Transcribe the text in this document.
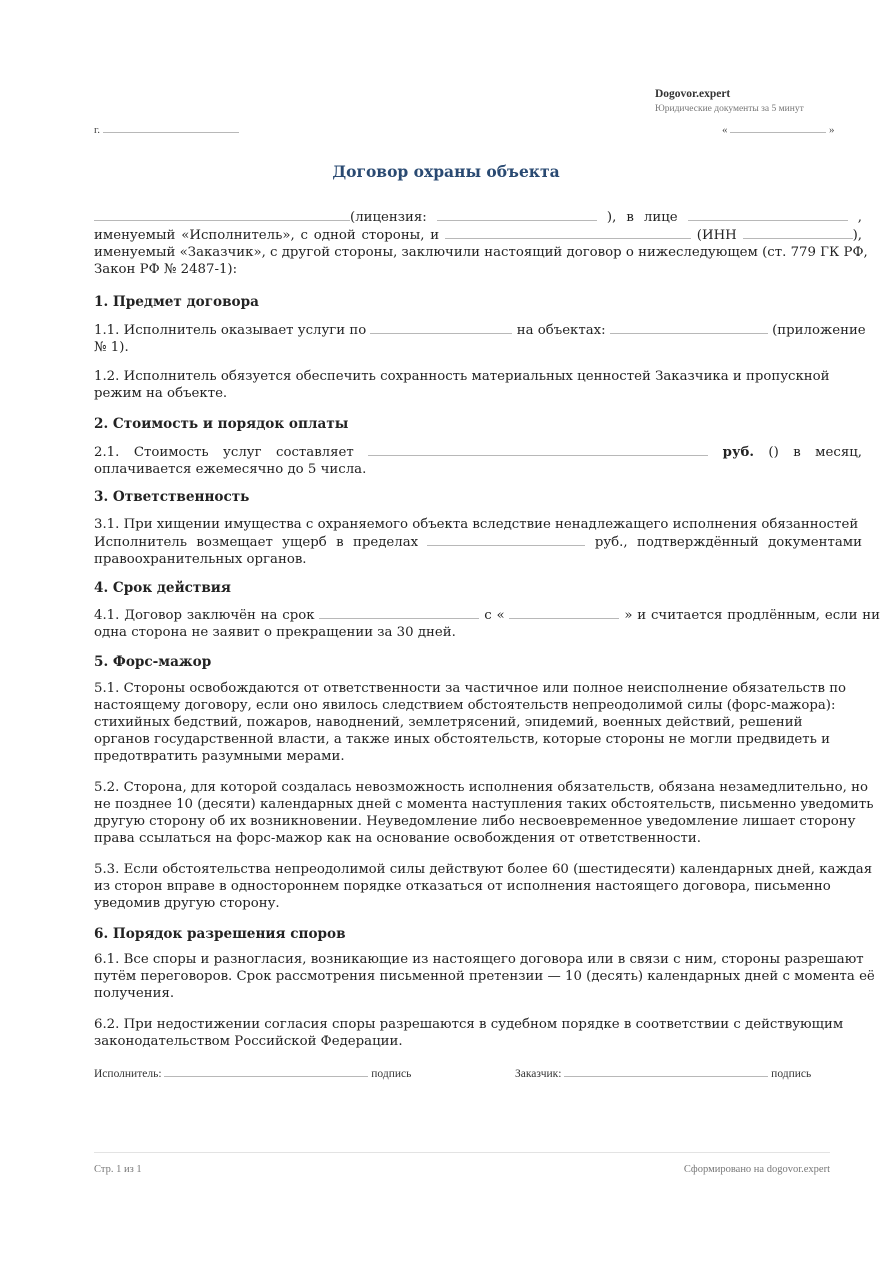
Dogovor.expert
Юридические документы за 5 минут
г.	«	»
Договор охраны объекта
(лицензия:	), в лице	,
именуемый «Исполнитель», с одной стороны, и	(ИНН	),
именуемый «Заказчик», с другой стороны, заключили настоящий договор о нижеследующем (ст. 779 ГК РФ,
Закон РФ № 2487-1):
1. Предмет договора
1.1. Исполнитель оказывает услуги по	на объектах:	(приложение
№ 1).
1.2. Исполнитель обязуется обеспечить сохранность материальных ценностей Заказчика и пропускной
режим на объекте.
2. Стоимость и порядок оплаты
2.1. Стоимость услуг составляет	руб. () в месяц,
оплачивается ежемесячно до 5 числа.
3. Ответственность
3.1. При хищении имущества с охраняемого объекта вследствие ненадлежащего исполнения обязанностей
Исполнитель возмещает ущерб в пределах	руб., подтверждённый документами
правоохранительных органов.
4. Срок действия
4.1. Договор заключён на срок	с «	» и считается продлённым, если ни
одна сторона не заявит о прекращении за 30 дней.
5. Форс-мажор
5.1. Стороны освобождаются от ответственности за частичное или полное неисполнение обязательств по
настоящему договору, если оно явилось следствием обстоятельств непреодолимой силы (форс-мажора):
стихийных бедствий, пожаров, наводнений, землетрясений, эпидемий, военных действий, решений
органов государственной власти, а также иных обстоятельств, которые стороны не могли предвидеть и
предотвратить разумными мерами.
5.2. Сторона, для которой создалась невозможность исполнения обязательств, обязана незамедлительно, но
не позднее 10 (десяти) календарных дней с момента наступления таких обстоятельств, письменно уведомить
другую сторону об их возникновении. Неуведомление либо несвоевременное уведомление лишает сторону
права ссылаться на форс-мажор как на основание освобождения от ответственности.
5.3. Если обстоятельства непреодолимой силы действуют более 60 (шестидесяти) календарных дней, каждая
из сторон вправе в одностороннем порядке отказаться от исполнения настоящего договора, письменно
уведомив другую сторону.
6. Порядок разрешения споров
6.1. Все споры и разногласия, возникающие из настоящего договора или в связи с ним, стороны разрешают
путём переговоров. Срок рассмотрения письменной претензии — 10 (десять) календарных дней с момента её
получения.
6.2. При недостижении согласия споры разрешаются в судебном порядке в соответствии с действующим
законодательством Российской Федерации.
Исполнитель:	подпись	Заказчик:	подпись
Стр. 1 из 1	Сформировано на dogovor.expert
